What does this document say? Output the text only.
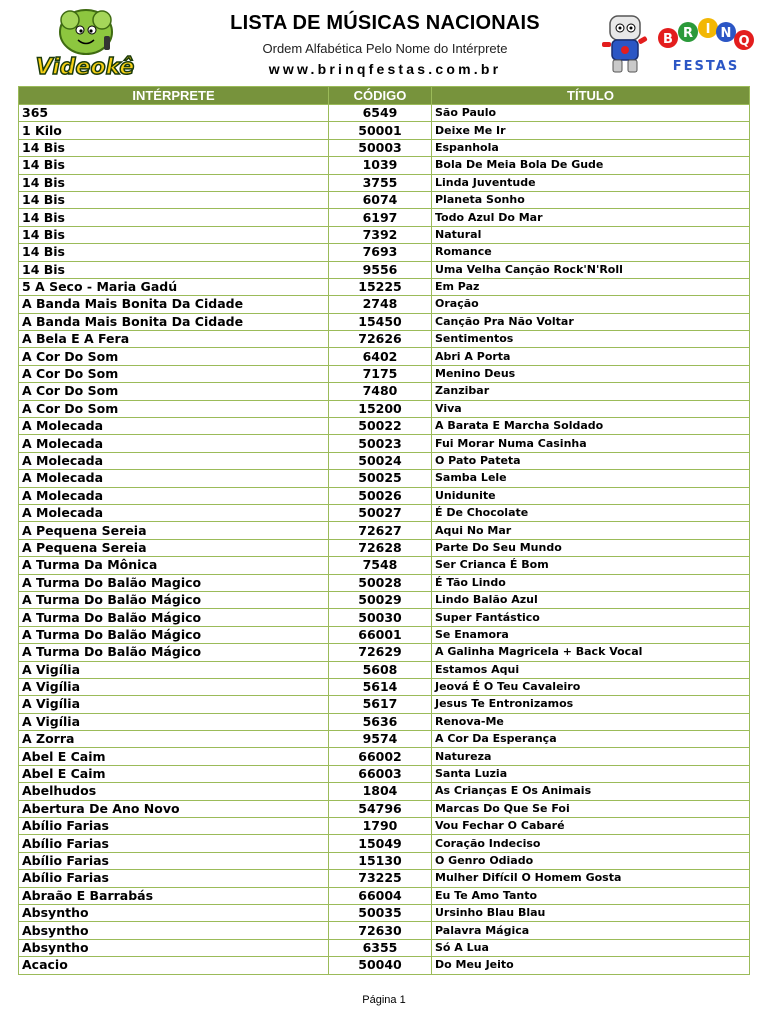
Videokê
LISTA DE MÚSICAS NACIONAIS
Ordem Alfabética Pelo Nome do Intérprete
www.brinqfestas.com.br
B R I N
Q
FESTAS
INTÉRPRETE	CÓDIGO	TÍTULO
365	6549	São Paulo
1 Kilo	50001	Deixe Me Ir
14 Bis	50003	Espanhola
14 Bis	1039	Bola De Meia Bola De Gude
14 Bis	3755	Linda Juventude
14 Bis	6074	Planeta Sonho
14 Bis	6197	Todo Azul Do Mar
14 Bis	7392	Natural
14 Bis	7693	Romance
14 Bis	9556	Uma Velha Canção Rock'N'Roll
5 A Seco - Maria Gadú	15225	Em Paz
A Banda Mais Bonita Da Cidade	2748	Oração
A Banda Mais Bonita Da Cidade	15450	Canção Pra Não Voltar
A Bela E A Fera	72626	Sentimentos
A Cor Do Som	6402	Abri A Porta
A Cor Do Som	7175	Menino Deus
A Cor Do Som	7480	Zanzibar
A Cor Do Som	15200	Viva
A Molecada	50022	A Barata E Marcha Soldado
A Molecada	50023	Fui Morar Numa Casinha
A Molecada	50024	O Pato Pateta
A Molecada	50025	Samba Lele
A Molecada	50026	Unidunite
A Molecada	50027	É De Chocolate
A Pequena Sereia	72627	Aqui No Mar
A Pequena Sereia	72628	Parte Do Seu Mundo
A Turma Da Mônica	7548	Ser Crianca É Bom
A Turma Do Balão Magico	50028	É Tão Lindo
A Turma Do Balão Mágico	50029	Lindo Balão Azul
A Turma Do Balão Mágico	50030	Super Fantástico
A Turma Do Balão Mágico	66001	Se Enamora
A Turma Do Balão Mágico	72629	A Galinha Magricela + Back Vocal
A Vigília	5608	Estamos Aqui
A Vigília	5614	Jeová É O Teu Cavaleiro
A Vigília	5617	Jesus Te Entronizamos
A Vigília	5636	Renova-Me
A Zorra	9574	A Cor Da Esperança
Abel E Caim	66002	Natureza
Abel E Caim	66003	Santa Luzia
Abelhudos	1804	As Crianças E Os Animais
Abertura De Ano Novo	54796	Marcas Do Que Se Foi
Abílio Farias	1790	Vou Fechar O Cabaré
Abílio Farias	15049	Coração Indeciso
Abílio Farias	15130	O Genro Odiado
Abílio Farias	73225	Mulher Difícil O Homem Gosta
Abraão E Barrabás	66004	Eu Te Amo Tanto
Absyntho	50035	Ursinho Blau Blau
Absyntho	72630	Palavra Mágica
Absyntho	6355	Só A Lua
Acacio	50040	Do Meu Jeito
Página 1
